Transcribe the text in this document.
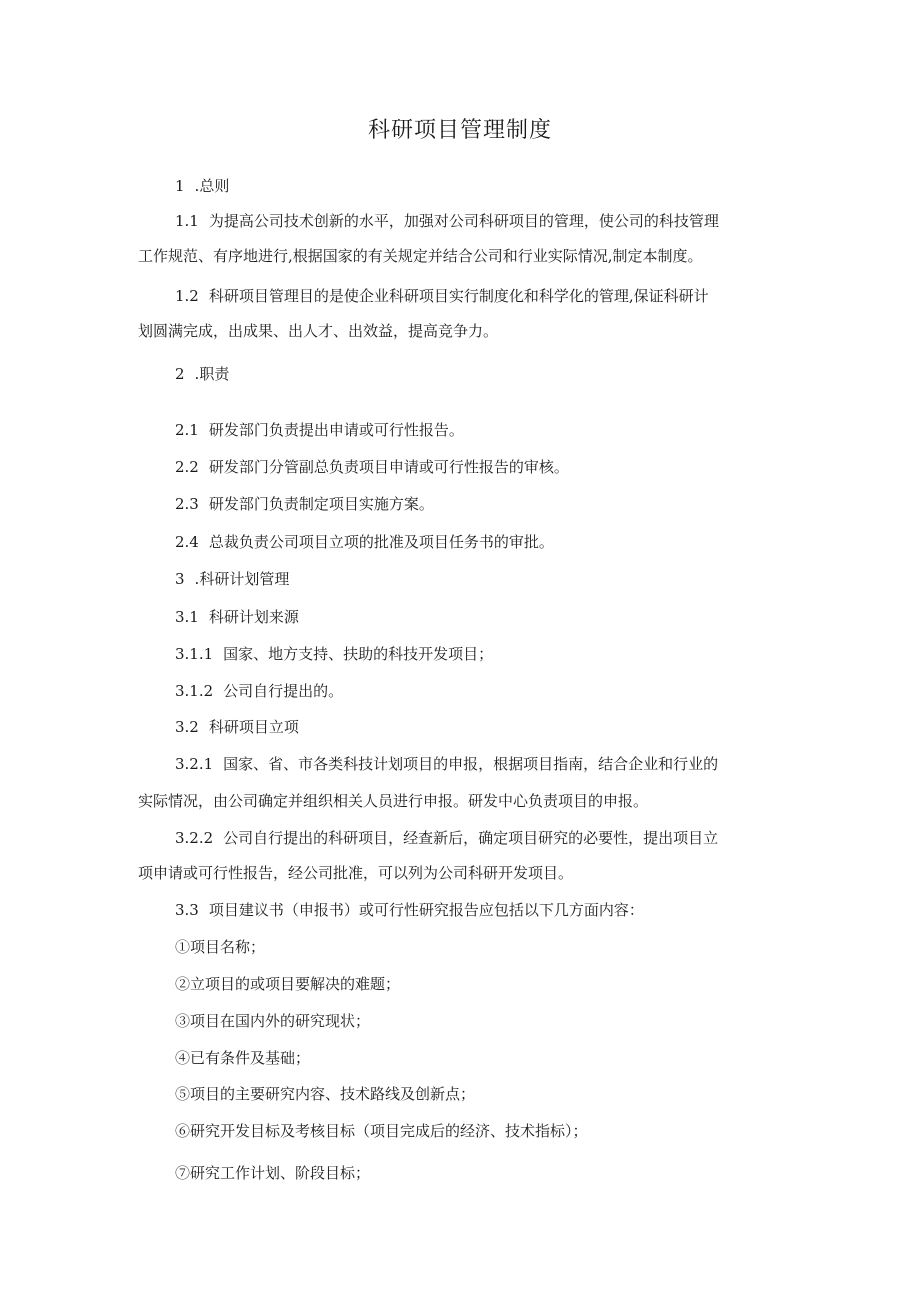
科研项目管理制度

1 .总则

1.1 为提高公司技术创新的水平，加强对公司科研项目的管理，使公司的科技管理

工作规范、有序地进行,根据国家的有关规定并结合公司和行业实际情况,制定本制度。

1.2 科研项目管理目的是使企业科研项目实行制度化和科学化的管理,保证科研计

划圆满完成，出成果、出人才、出效益，提高竞争力。

2 .职责

2.1 研发部门负责提出申请或可行性报告。

2.2 研发部门分管副总负责项目申请或可行性报告的审核。

2.3 研发部门负责制定项目实施方案。

2.4 总裁负责公司项目立项的批准及项目任务书的审批。

3 .科研计划管理

3.1 科研计划来源

3.1.1 国家、地方支持、扶助的科技开发项目；

3.1.2 公司自行提出的。

3.2 科研项目立项

3.2.1 国家、省、市各类科技计划项目的申报，根据项目指南，结合企业和行业的

实际情况，由公司确定并组织相关人员进行申报。研发中心负责项目的申报。

3.2.2 公司自行提出的科研项目，经查新后，确定项目研究的必要性，提出项目立

项申请或可行性报告，经公司批准，可以列为公司科研开发项目。

3.3 项目建议书（申报书）或可行性研究报告应包括以下几方面内容：

①项目名称；

②立项目的或项目要解决的难题；

③项目在国内外的研究现状；

④已有条件及基础；

⑤项目的主要研究内容、技术路线及创新点；

⑥研究开发目标及考核目标（项目完成后的经济、技术指标）；

⑦研究工作计划、阶段目标；
